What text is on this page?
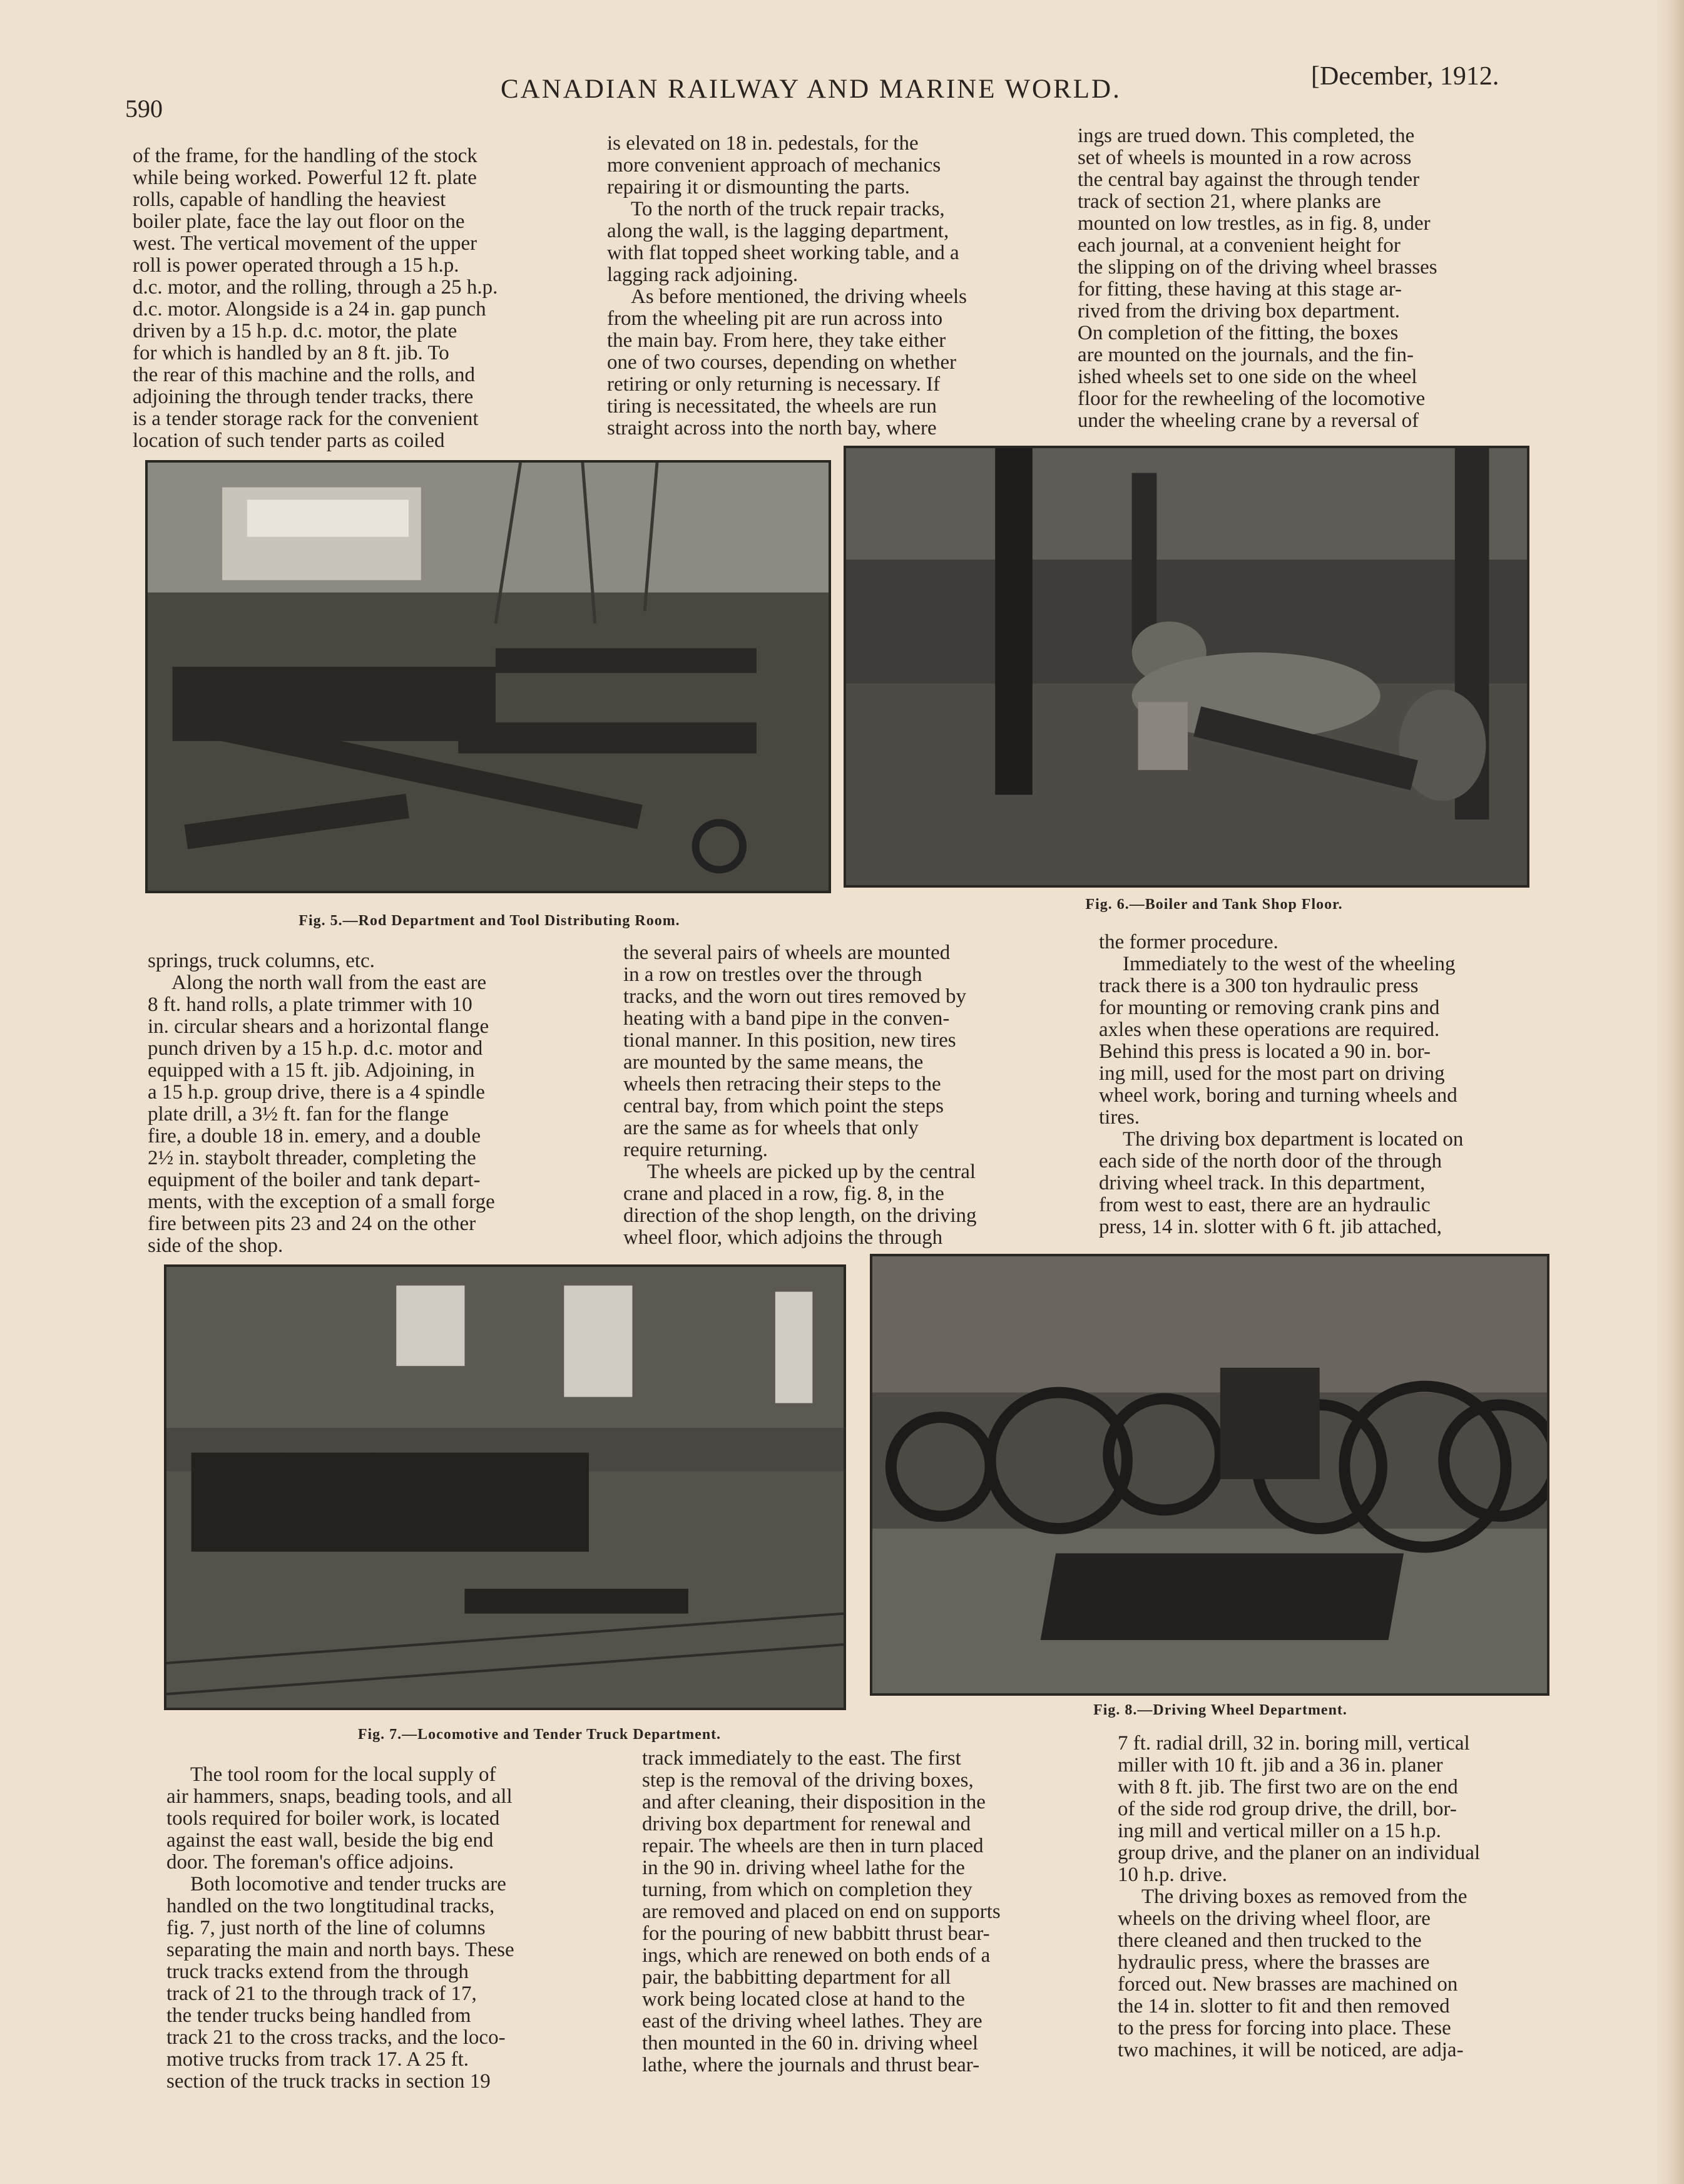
590
CANADIAN RAILWAY AND MARINE WORLD.	[December, 1912.

of the frame, for the handling of the stock
while being worked. Powerful 12 ft. plate
rolls, capable of handling the heaviest
boiler plate, face the lay out floor on the
west. The vertical movement of the upper
roll is power operated through a 15 h.p.
d.c. motor, and the rolling, through a 25 h.p.
d.c. motor. Alongside is a 24 in. gap punch
driven by a 15 h.p. d.c. motor, the plate
for which is handled by an 8 ft. jib. To
the rear of this machine and the rolls, and
adjoining the through tender tracks, there
is a tender storage rack for the convenient
location of such tender parts as coiled

is elevated on 18 in. pedestals, for the
more convenient approach of mechanics
repairing it or dismounting the parts.

To the north of the truck repair tracks,
along the wall, is the lagging department,
with flat topped sheet working table, and a
lagging rack adjoining.

As before mentioned, the driving wheels
from the wheeling pit are run across into
the main bay. From here, they take either
one of two courses, depending on whether
retiring or only returning is necessary. If
tiring is necessitated, the wheels are run
straight across into the north bay, where

ings are trued down. This completed, the
set of wheels is mounted in a row across
the central bay against the through tender
track of section 21, where planks are
mounted on low trestles, as in fig. 8, under
each journal, at a convenient height for
the slipping on of the driving wheel brasses
for fitting, these having at this stage ar-
rived from the driving box department.
On completion of the fitting, the boxes
are mounted on the journals, and the fin-
ished wheels set to one side on the wheel
floor for the rewheeling of the locomotive
under the wheeling crane by a reversal of

Fig. 5.—Rod Department and Tool Distributing Room.
Fig. 6.—Boiler and Tank Shop Floor.

springs, truck columns, etc.

Along the north wall from the east are
8 ft. hand rolls, a plate trimmer with 10
in. circular shears and a horizontal flange
punch driven by a 15 h.p. d.c. motor and
equipped with a 15 ft. jib. Adjoining, in
a 15 h.p. group drive, there is a 4 spindle
plate drill, a 3½ ft. fan for the flange
fire, a double 18 in. emery, and a double
2½ in. staybolt threader, completing the
equipment of the boiler and tank depart-
ments, with the exception of a small forge
fire between pits 23 and 24 on the other
side of the shop.

the several pairs of wheels are mounted
in a row on trestles over the through
tracks, and the worn out tires removed by
heating with a band pipe in the conven-
tional manner. In this position, new tires
are mounted by the same means, the
wheels then retracing their steps to the
central bay, from which point the steps
are the same as for wheels that only
require returning.

The wheels are picked up by the central
crane and placed in a row, fig. 8, in the
direction of the shop length, on the driving
wheel floor, which adjoins the through

the former procedure.

Immediately to the west of the wheeling
track there is a 300 ton hydraulic press
for mounting or removing crank pins and
axles when these operations are required.
Behind this press is located a 90 in. bor-
ing mill, used for the most part on driving
wheel work, boring and turning wheels and
tires.

The driving box department is located on
each side of the north door of the through
driving wheel track. In this department,
from west to east, there are an hydraulic
press, 14 in. slotter with 6 ft. jib attached,

Fig. 7.—Locomotive and Tender Truck Department.
Fig. 8.—Driving Wheel Department.

The tool room for the local supply of
air hammers, snaps, beading tools, and all
tools required for boiler work, is located
against the east wall, beside the big end
door. The foreman's office adjoins.

Both locomotive and tender trucks are
handled on the two longtitudinal tracks,
fig. 7, just north of the line of columns
separating the main and north bays. These
truck tracks extend from the through
track of 21 to the through track of 17,
the tender trucks being handled from
track 21 to the cross tracks, and the loco-
motive trucks from track 17. A 25 ft.
section of the truck tracks in section 19

track immediately to the east. The first
step is the removal of the driving boxes,
and after cleaning, their disposition in the
driving box department for renewal and
repair. The wheels are then in turn placed
in the 90 in. driving wheel lathe for the
turning, from which on completion they
are removed and placed on end on supports
for the pouring of new babbitt thrust bear-
ings, which are renewed on both ends of a
pair, the babbitting department for all
work being located close at hand to the
east of the driving wheel lathes. They are
then mounted in the 60 in. driving wheel
lathe, where the journals and thrust bear-

7 ft. radial drill, 32 in. boring mill, vertical
miller with 10 ft. jib and a 36 in. planer
with 8 ft. jib. The first two are on the end
of the side rod group drive, the drill, bor-
ing mill and vertical miller on a 15 h.p.
group drive, and the planer on an individual
10 h.p. drive.

The driving boxes as removed from the
wheels on the driving wheel floor, are
there cleaned and then trucked to the
hydraulic press, where the brasses are
forced out. New brasses are machined on
the 14 in. slotter to fit and then removed
to the press for forcing into place. These
two machines, it will be noticed, are adja-
